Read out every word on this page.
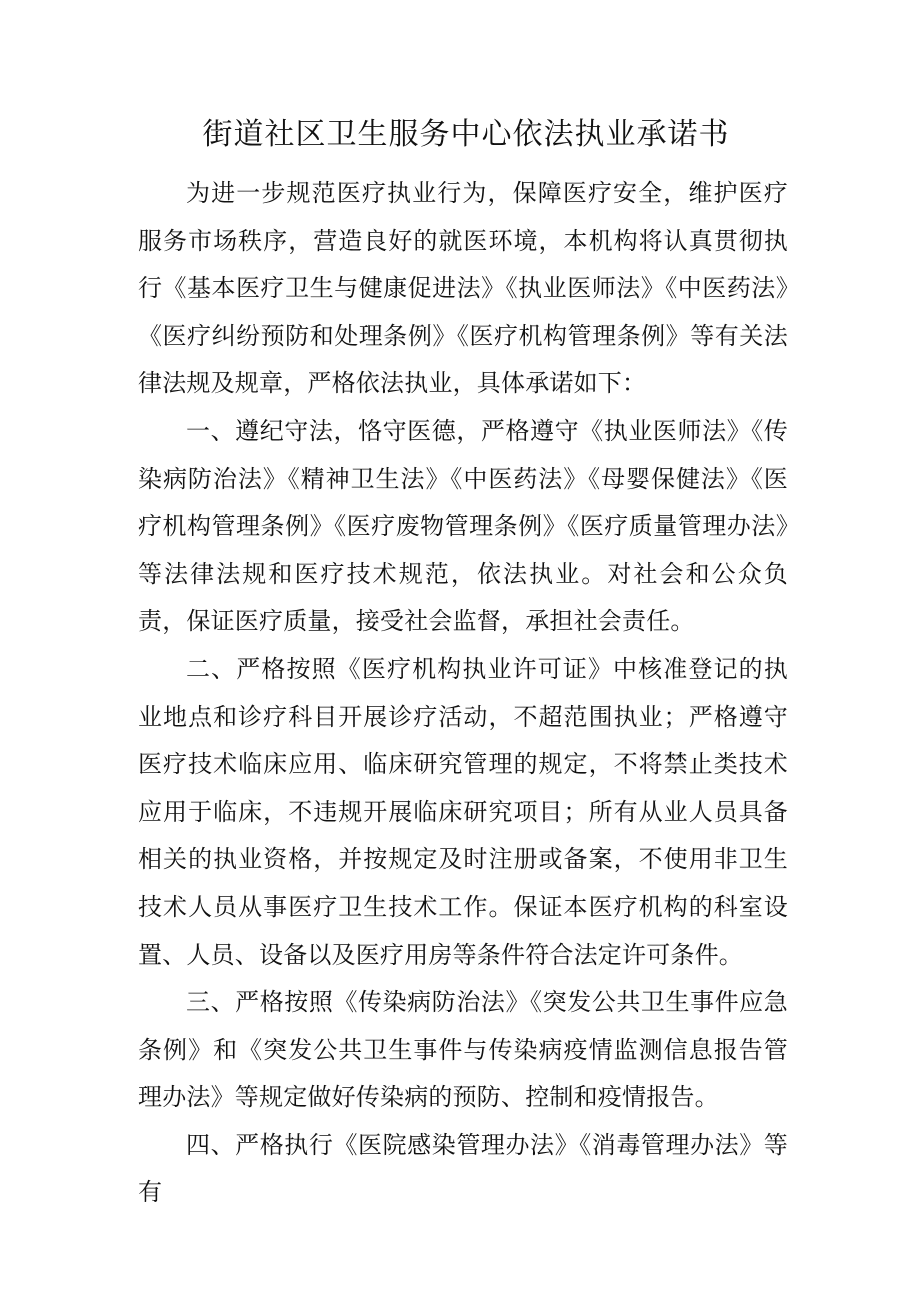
街道社区卫生服务中心依法执业承诺书

为进一步规范医疗执业行为，保障医疗安全，维护医疗服务市场秩序，营造良好的就医环境，本机构将认真贯彻执行《基本医疗卫生与健康促进法》《执业医师法》《中医药法》《医疗纠纷预防和处理条例》《医疗机构管理条例》等有关法律法规及规章，严格依法执业，具体承诺如下：

一、遵纪守法，恪守医德，严格遵守《执业医师法》《传染病防治法》《精神卫生法》《中医药法》《母婴保健法》《医疗机构管理条例》《医疗废物管理条例》《医疗质量管理办法》等法律法规和医疗技术规范，依法执业。对社会和公众负责，保证医疗质量，接受社会监督，承担社会责任。

二、严格按照《医疗机构执业许可证》中核准登记的执业地点和诊疗科目开展诊疗活动，不超范围执业；严格遵守医疗技术临床应用、临床研究管理的规定，不将禁止类技术应用于临床，不违规开展临床研究项目；所有从业人员具备相关的执业资格，并按规定及时注册或备案，不使用非卫生技术人员从事医疗卫生技术工作。保证本医疗机构的科室设置、人员、设备以及医疗用房等条件符合法定许可条件。

三、严格按照《传染病防治法》《突发公共卫生事件应急条例》和《突发公共卫生事件与传染病疫情监测信息报告管理办法》等规定做好传染病的预防、控制和疫情报告。

四、严格执行《医院感染管理办法》《消毒管理办法》等有
